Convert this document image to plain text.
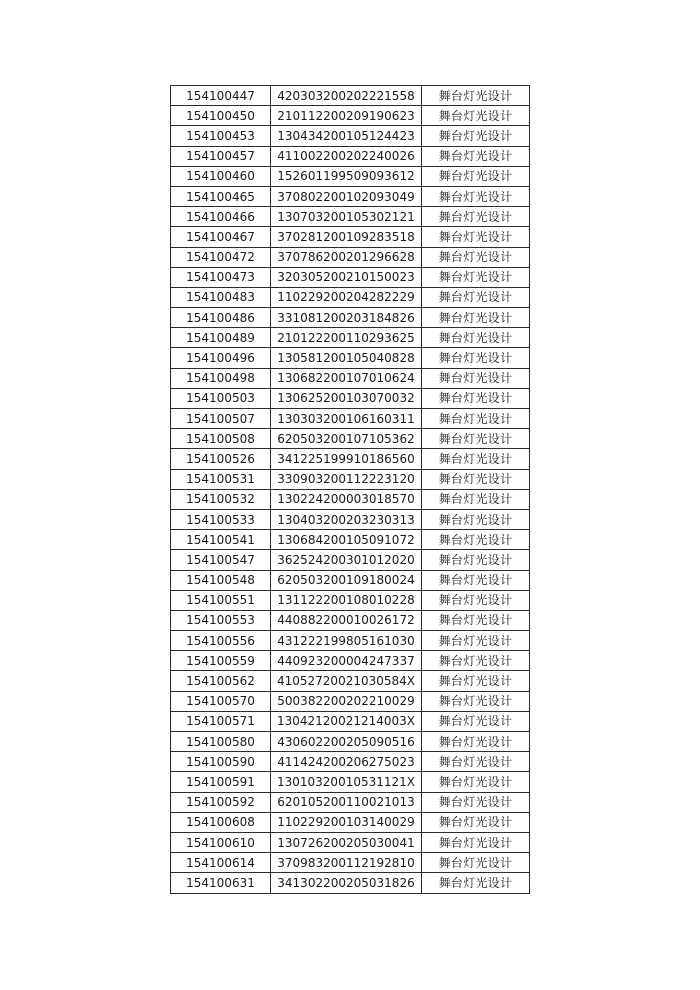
154100447	420303200202221558	舞台灯光设计
154100450	210112200209190623	舞台灯光设计
154100453	130434200105124423	舞台灯光设计
154100457	411002200202240026	舞台灯光设计
154100460	152601199509093612	舞台灯光设计
154100465	370802200102093049	舞台灯光设计
154100466	130703200105302121	舞台灯光设计
154100467	370281200109283518	舞台灯光设计
154100472	370786200201296628	舞台灯光设计
154100473	320305200210150023	舞台灯光设计
154100483	110229200204282229	舞台灯光设计
154100486	331081200203184826	舞台灯光设计
154100489	210122200110293625	舞台灯光设计
154100496	130581200105040828	舞台灯光设计
154100498	130682200107010624	舞台灯光设计
154100503	130625200103070032	舞台灯光设计
154100507	130303200106160311	舞台灯光设计
154100508	620503200107105362	舞台灯光设计
154100526	341225199910186560	舞台灯光设计
154100531	330903200112223120	舞台灯光设计
154100532	130224200003018570	舞台灯光设计
154100533	130403200203230313	舞台灯光设计
154100541	130684200105091072	舞台灯光设计
154100547	362524200301012020	舞台灯光设计
154100548	620503200109180024	舞台灯光设计
154100551	131122200108010228	舞台灯光设计
154100553	440882200010026172	舞台灯光设计
154100556	431222199805161030	舞台灯光设计
154100559	440923200004247337	舞台灯光设计
154100562	41052720021030584X	舞台灯光设计
154100570	500382200202210029	舞台灯光设计
154100571	13042120021214003X	舞台灯光设计
154100580	430602200205090516	舞台灯光设计
154100590	411424200206275023	舞台灯光设计
154100591	13010320010531121X	舞台灯光设计
154100592	620105200110021013	舞台灯光设计
154100608	110229200103140029	舞台灯光设计
154100610	130726200205030041	舞台灯光设计
154100614	370983200112192810	舞台灯光设计
154100631	341302200205031826	舞台灯光设计
